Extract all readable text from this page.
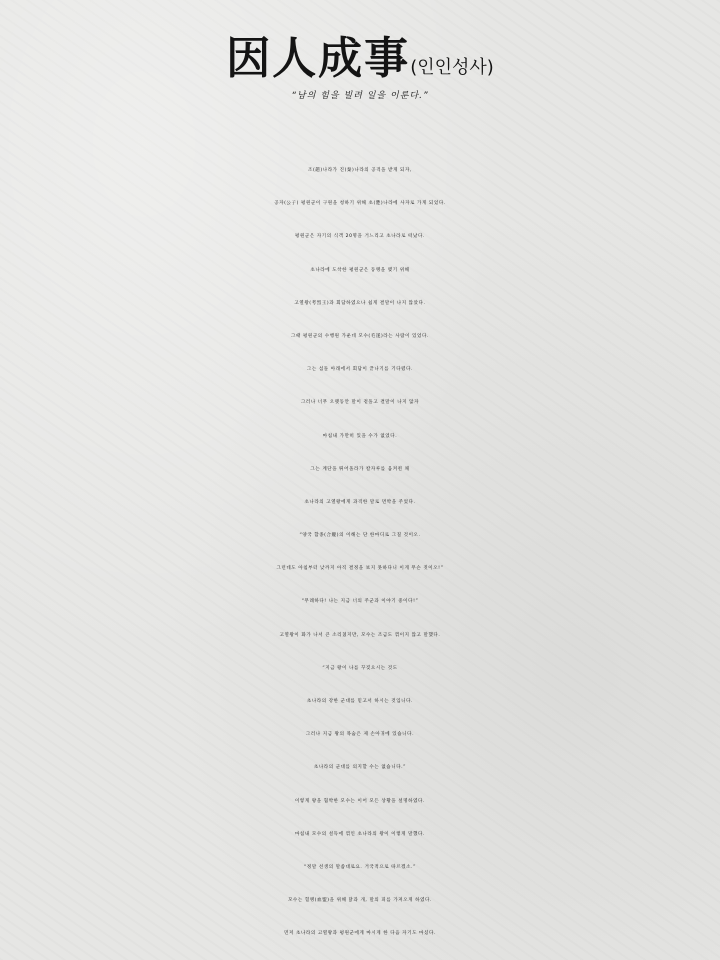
因人成事(인인성사)
“남의 힘을 빌려 일을 이룬다.”
조(趙)나라가 진(秦)나라의 공격을 받게 되자,
공자(公子) 평원군이 구원을 청하기 위해 초(楚)나라에 사자로 가게 되었다.
평원군은 자기의 식객 20명을 거느리고 초나라로 떠났다.
초나라에 도착한 평원군은 동맹을 맺기 위해
고열왕(考烈王)과 회담하였으나 쉽게 결말이 나지 않았다.
그때 평원군의 수행원 가운데 모수(毛遂)라는 사람이 있었다.
그는 섬돌 아래에서 회담이 끝나기를 기다렸다.
그러나 너무 오랫동안 말이 겉돌고 결말이 나지 않자
마침내 가만히 있을 수가 없었다.
그는 계단을 뛰어올라가 칼자루를 움켜쥔 채
초나라의 고열왕에게 과격한 말로 면박을 주었다.
“양국 합종(合縱)의 이해는 단 한마디로 그칠 것이오.
그런데도 아침부터 낮까지 아직 결정을 보지 못하다니 이게 무슨 짓이오!”
“무례하다! 나는 지금 너의 주군과 이야기 중이다!”
고열왕이 화가 나서 큰 소리쳤지만, 모수는 조금도 꺾이지 않고 말했다.
“지금 왕이 나를 꾸짖으시는 것도
초나라의 강한 군대를 믿고서 하시는 것입니다.
그러나 지금 왕의 목숨은 제 손아귀에 있습니다.
초나라의 군대를 의지할 수는 없습니다.”
이렇게 왕을 협박한 모수는 이어 모든 상황을 설명하였다.
마침내 모수의 설득에 꺾인 초나라의 왕이 이렇게 말했다.
“정말 선생의 말씀대로요. 거국적으로 따르겠소.”
모수는 혈맹(血盟)을 위해 닭과 개, 말의 피를 가져오게 하였다.
먼저 초나라의 고열왕과 평원군에게 마시게 한 다음 자기도 마셨다.
